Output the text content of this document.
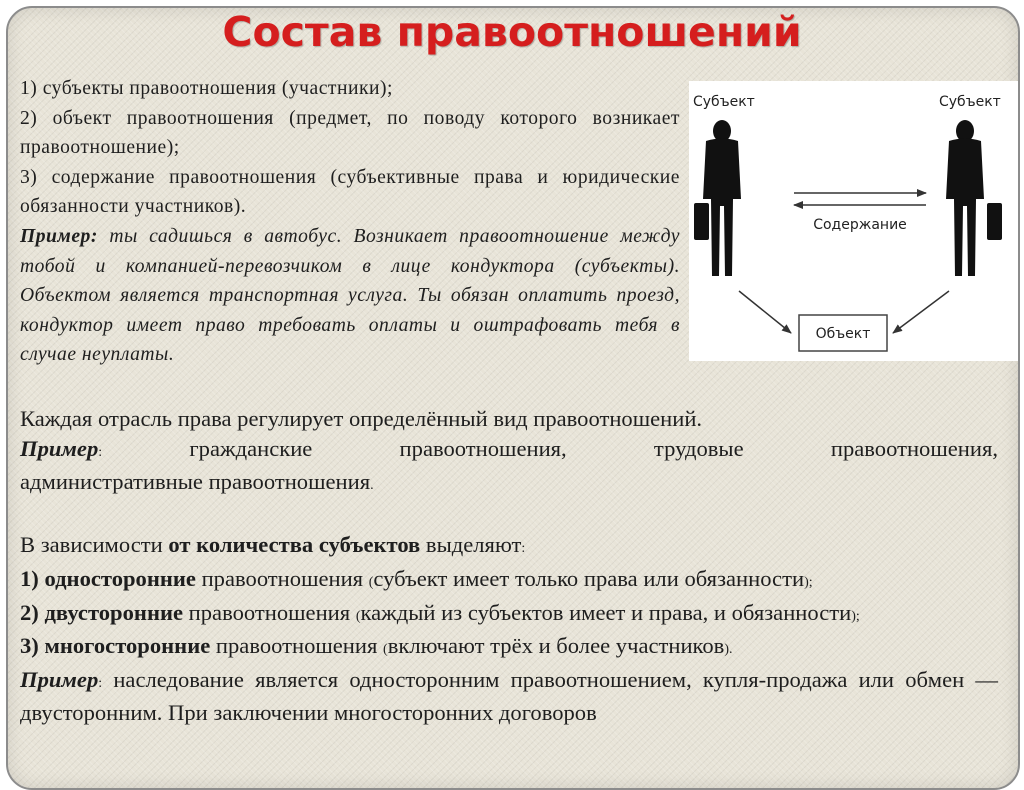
Состав правоотношений

1) субъекты правоотношения (участники);

2) объект правоотношения (предмет, по поводу которого возникает правоотношение);

3) содержание правоотношения (субъективные права и юридические обязанности участников).

Пример: ты садишься в автобус. Возникает правоотношение между тобой и компанией-перевозчиком в лице кондуктора (субъекты). Объектом является транспортная услуга. Ты обязан оплатить проезд, кондуктор имеет право требовать оплаты и оштрафовать тебя в случае неуплаты.

Субъект	Субъект
Содержание
Объект

Каждая отрасль права регулирует определённый вид правоотношений.

Пример: гражданские правоотношения, трудовые правоотношения,

административные правоотношения.

В зависимости от количества субъектов выделяют:

1) односторонние правоотношения (субъект имеет только права или обязанности);

2) двусторонние правоотношения (каждый из субъектов имеет и права, и обязанности);

3) многосторонние правоотношения (включают трёх и более участников).

Пример: наследование является односторонним правоотношением, купля-продажа или обмен — двусторонним. При заключении многосторонних договоров
